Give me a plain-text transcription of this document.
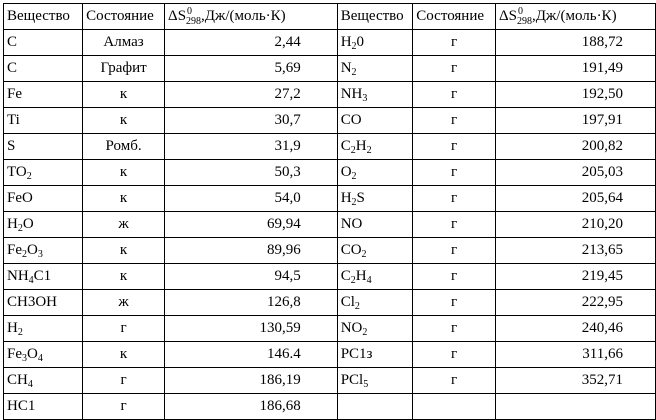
Вещество	Состояние	$\Delta S^0_{298},Дж/(моль\cdot К)$	Вещество	Состояние	$\Delta S^0_{298},Дж/(моль\cdot К)$
C	Алмаз	2,44	$H_20$	г	188,72
C	Графит	5,69	$N_2$	г	191,49
Fe	к	27,2	$NH_3$	г	192,50
Ti	к	30,7	CO	г	197,91
S	Ромб.	31,9	$C_2H_2$	г	200,82
$TO_2$	к	50,3	$O_2$	г	205,03
FeO	к	54,0	$H_2S$	г	205,64
$H_2O$	ж	69,94	NO	г	210,20
$Fe_2O_3$	к	89,96	$CO_2$	г	213,65
$NH_4C1$	к	94,5	$C_2H_4$	г	219,45
CH3OH	ж	126,8	$Cl_2$	г	222,95
$H_2$	г	130,59	$NO_2$	г	240,46
$Fe_3O_4$	к	146.4	PC1з	г	311,66
$CH_4$	г	186,19	PCl$_5$	г	352,71
HC1	г	186,68			
